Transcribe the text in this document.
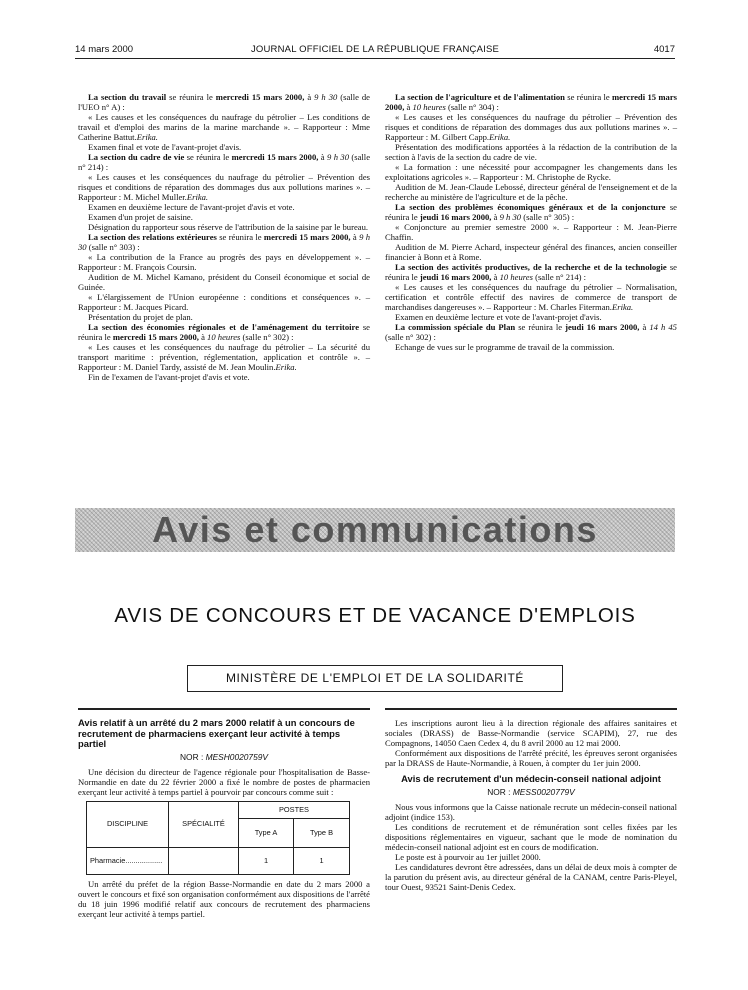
14 mars 2000	JOURNAL OFFICIEL DE LA RÉPUBLIQUE FRANÇAISE	4017

La section du travail se réunira le mercredi 15 mars 2000, à 9 h 30 (salle de l'UEO n° A) :

« Les causes et les conséquences du naufrage du pétrolier – Les conditions de travail et d'emploi des marins de la marine marchande ». – Rapporteur : Mme Catherine Battut.Erika.

Examen final et vote de l'avant-projet d'avis.

La section du cadre de vie se réunira le mercredi 15 mars 2000, à 9 h 30 (salle n° 214) :

« Les causes et les conséquences du naufrage du pétrolier – Prévention des risques et conditions de réparation des dommages dus aux pollutions marines ». – Rapporteur : M. Michel Muller.Erika.

Examen en deuxième lecture de l'avant-projet d'avis et vote.

Examen d'un projet de saisine.

Désignation du rapporteur sous réserve de l'attribution de la saisine par le bureau.

La section des relations extérieures se réunira le mercredi 15 mars 2000, à 9 h 30 (salle n° 303) :

« La contribution de la France au progrès des pays en développement ». – Rapporteur : M. François Coursin.

Audition de M. Michel Kamano, président du Conseil économique et social de Guinée.

« L'élargissement de l'Union européenne : conditions et conséquences ». – Rapporteur : M. Jacques Picard.

Présentation du projet de plan.

La section des économies régionales et de l'aménagement du territoire se réunira le mercredi 15 mars 2000, à 10 heures (salle n° 302) :

« Les causes et les conséquences du naufrage du pétrolier – La sécurité du transport maritime : prévention, réglementation, application et contrôle ». – Rapporteur : M. Daniel Tardy, assisté de M. Jean Moulin.Erika.

Fin de l'examen de l'avant-projet d'avis et vote.

La section de l'agriculture et de l'alimentation se réunira le mercredi 15 mars 2000, à 10 heures (salle n° 304) :

« Les causes et les conséquences du naufrage du pétrolier – Prévention des risques et conditions de réparation des dommages dus aux pollutions marines ». – Rapporteur : M. Gilbert Capp.Erika.

Présentation des modifications apportées à la rédaction de la contribution de la section à l'avis de la section du cadre de vie.

« La formation : une nécessité pour accompagner les changements dans les exploitations agricoles ». – Rapporteur : M. Christophe de Rycke.

Audition de M. Jean-Claude Lebossé, directeur général de l'enseignement et de la recherche au ministère de l'agriculture et de la pêche.

La section des problèmes économiques généraux et de la conjoncture se réunira le jeudi 16 mars 2000, à 9 h 30 (salle n° 305) :

« Conjoncture au premier semestre 2000 ». – Rapporteur : M. Jean-Pierre Chaffin.

Audition de M. Pierre Achard, inspecteur général des finances, ancien conseiller financier à Bonn et à Rome.

La section des activités productives, de la recherche et de la technologie se réunira le jeudi 16 mars 2000, à 10 heures (salle n° 214) :

« Les causes et les conséquences du naufrage du pétrolier – Normalisation, certification et contrôle effectif des navires de commerce de transport de marchandises dangereuses ». – Rapporteur : M. Charles Fiterman.Erika.

Examen en deuxième lecture et vote de l'avant-projet d'avis.

La commission spéciale du Plan se réunira le jeudi 16 mars 2000, à 14 h 45 (salle n° 302) :

Echange de vues sur le programme de travail de la commission.

Avis et communications
AVIS DE CONCOURS ET DE VACANCE D'EMPLOIS
MINISTÈRE DE L'EMPLOI ET DE LA SOLIDARITÉ
Avis relatif à un arrêté du 2 mars 2000 relatif à un concours de recrutement de pharmaciens exerçant leur activité à temps partiel
NOR : MESH0020759V

Une décision du directeur de l'agence régionale pour l'hospitalisation de Basse-Normandie en date du 22 février 2000 a fixé le nombre de postes de pharmacien exerçant leur activité à temps partiel à pourvoir par concours comme suit :

DISCIPLINE	SPÉCIALITÉ	POSTES	
		Type A	Type B
Pharmacie..................		1	1

Un arrêté du préfet de la région Basse-Normandie en date du 2 mars 2000 a ouvert le concours et fixé son organisation conformément aux dispositions de l'arrêté du 18 juin 1996 modifié relatif aux concours de recrutement des pharmaciens exerçant leur activité à temps partiel.

Les inscriptions auront lieu à la direction régionale des affaires sanitaires et sociales (DRASS) de Basse-Normandie (service SCAPIM), 27, rue des Compagnons, 14050 Caen Cedex 4, du 8 avril 2000 au 12 mai 2000.

Conformément aux dispositions de l'arrêté précité, les épreuves seront organisées par la DRASS de Haute-Normandie, à Rouen, à compter du 1er juin 2000.

Avis de recrutement d'un médecin-conseil national adjoint
NOR : MESS0020779V

Nous vous informons que la Caisse nationale recrute un médecin-conseil national adjoint (indice 153).

Les conditions de recrutement et de rémunération sont celles fixées par les dispositions réglementaires en vigueur, sachant que le mode de nomination du médecin-conseil national adjoint est en cours de modification.

Le poste est à pourvoir au 1er juillet 2000.

Les candidatures devront être adressées, dans un délai de deux mois à compter de la parution du présent avis, au directeur général de la CANAM, centre Paris-Pleyel, tour Ouest, 93521 Saint-Denis Cedex.
